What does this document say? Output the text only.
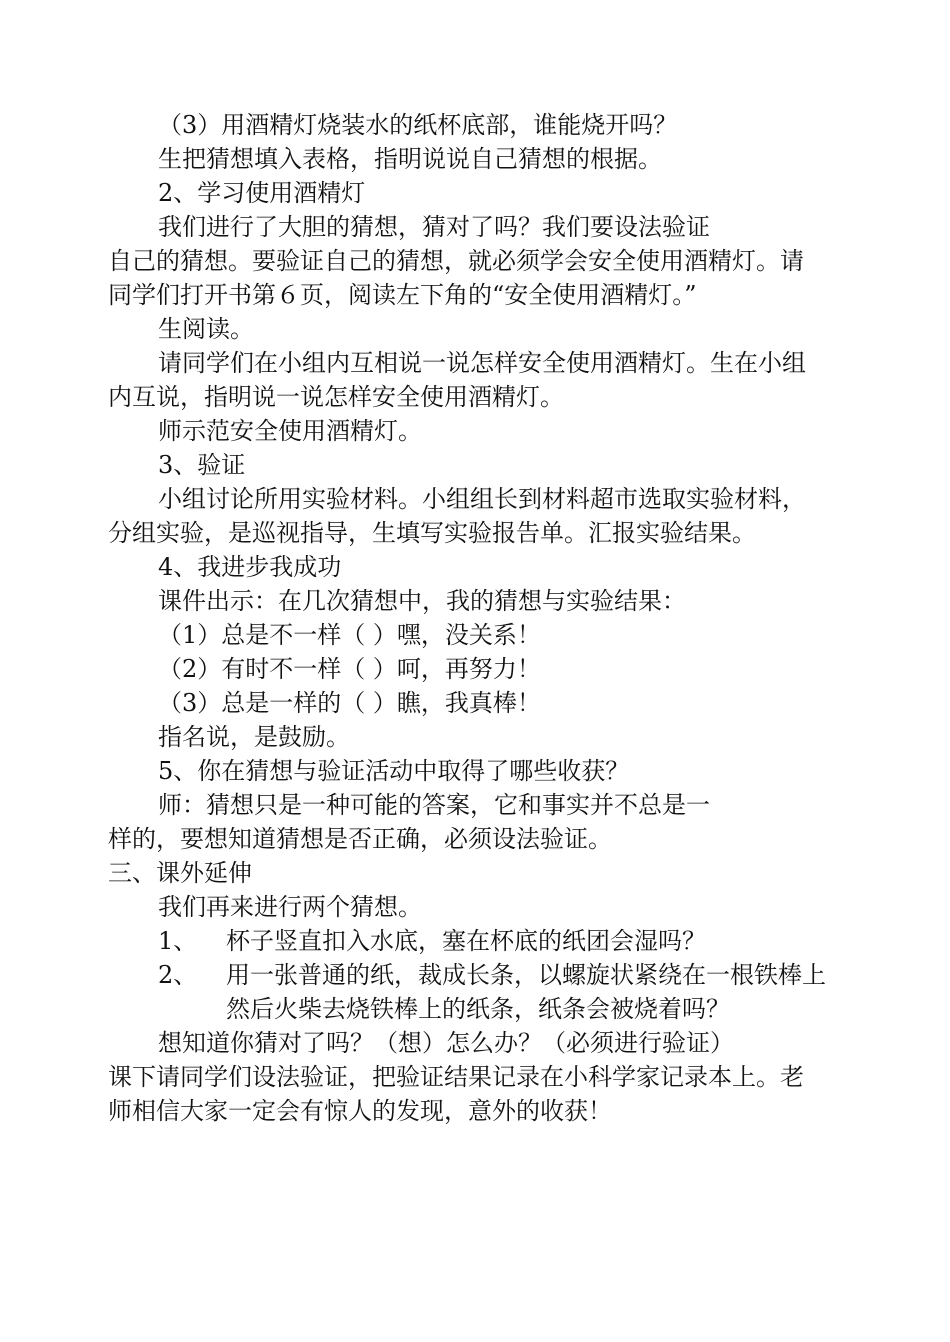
（3）用酒精灯烧装水的纸杯底部，谁能烧开吗？
生把猜想填入表格，指明说说自己猜想的根据。
2、学习使用酒精灯
我们进行了大胆的猜想，猜对了吗？我们要设法验证
自己的猜想。要验证自己的猜想，就必须学会安全使用酒精灯。请
同学们打开书第６页，阅读左下角的“安全使用酒精灯。”
生阅读。
请同学们在小组内互相说一说怎样安全使用酒精灯。生在小组
内互说，指明说一说怎样安全使用酒精灯。
师示范安全使用酒精灯。
3、验证
小组讨论所用实验材料。小组组长到材料超市选取实验材料，
分组实验，是巡视指导，生填写实验报告单。汇报实验结果。
4、我进步我成功
课件出示：在几次猜想中，我的猜想与实验结果：
（1）总是不一样（ ）嘿，没关系！
（2）有时不一样（ ）呵，再努力！
（3）总是一样的（ ）瞧，我真棒！
指名说，是鼓励。
5、你在猜想与验证活动中取得了哪些收获？
师：猜想只是一种可能的答案，它和事实并不总是一
样的，要想知道猜想是否正确，必须设法验证。
三、课外延伸
我们再来进行两个猜想。
1、 杯子竖直扣入水底，塞在杯底的纸团会湿吗？
2、 用一张普通的纸，裁成长条，以螺旋状紧绕在一根铁棒上
然后火柴去烧铁棒上的纸条，纸条会被烧着吗？
想知道你猜对了吗？（想）怎么办？（必须进行验证）
课下请同学们设法验证，把验证结果记录在小科学家记录本上。老
师相信大家一定会有惊人的发现，意外的收获！
